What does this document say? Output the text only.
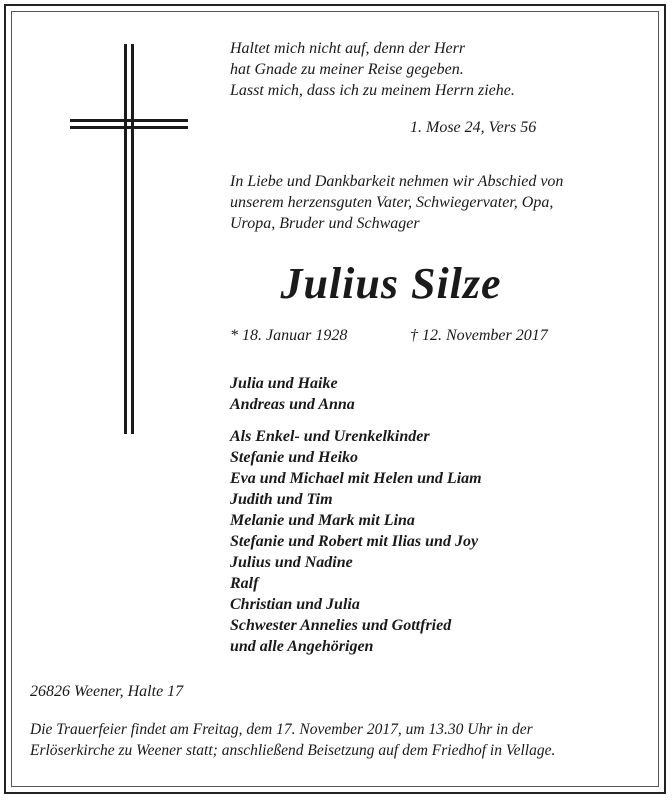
Haltet mich nicht auf, denn der Herr
hat Gnade zu meiner Reise gegeben.
Lasst mich, dass ich zu meinem Herrn ziehe.
1. Mose 24, Vers 56
In Liebe und Dankbarkeit nehmen wir Abschied von
unserem herzensguten Vater, Schwiegervater, Opa,
Uropa, Bruder und Schwager
Julius Silze
* 18. Januar 1928	† 12. November 2017
Julia und Haike
Andreas und Anna
Als Enkel- und Urenkelkinder
Stefanie und Heiko
Eva und Michael mit Helen und Liam
Judith und Tim
Melanie und Mark mit Lina
Stefanie und Robert mit Ilias und Joy
Julius und Nadine
Ralf
Christian und Julia
Schwester Annelies und Gottfried
und alle Angehörigen
26826 Weener, Halte 17
Die Trauerfeier findet am Freitag, dem 17. November 2017, um 13.30 Uhr in der
Erlöserkirche zu Weener statt; anschließend Beisetzung auf dem Friedhof in Vellage.
